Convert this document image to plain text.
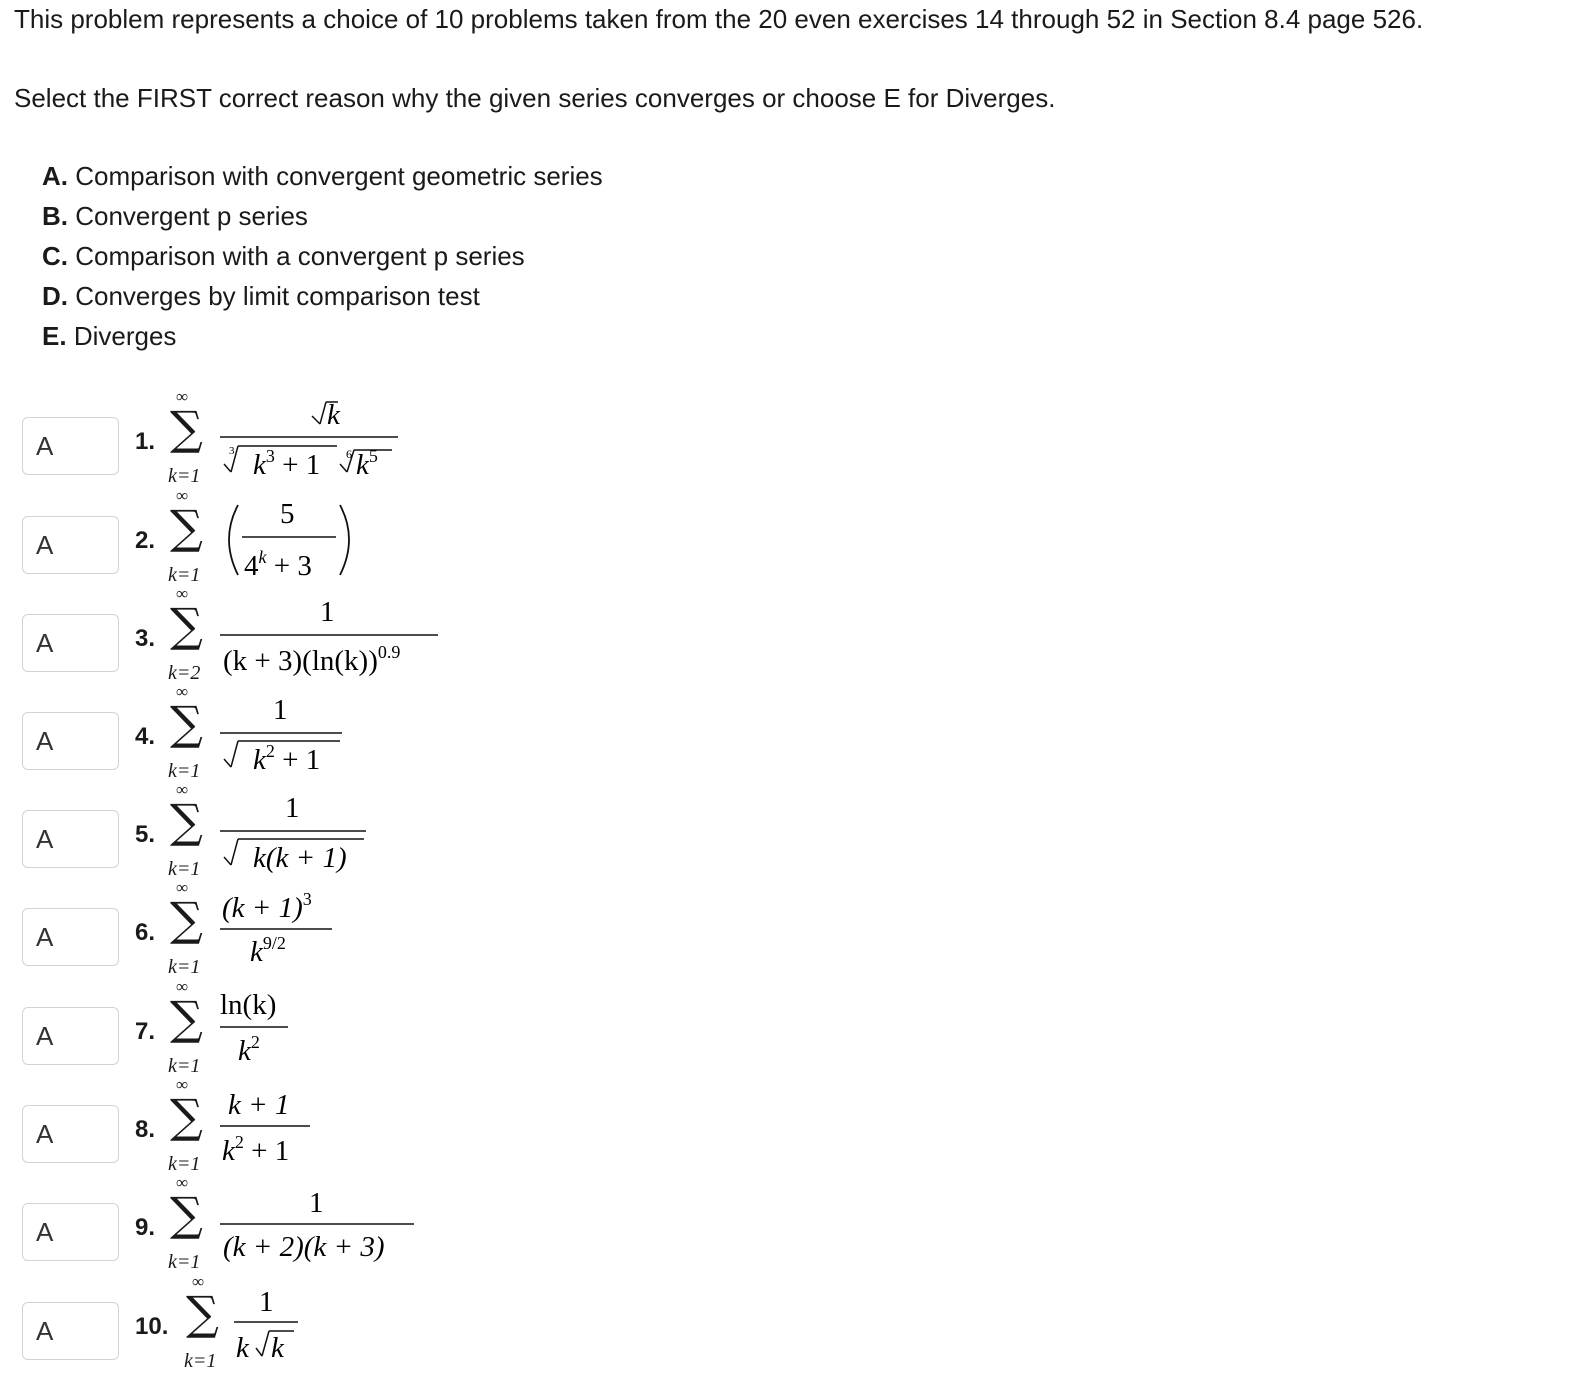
This problem represents a choice of 10 problems taken from the 20 even exercises 14 through 52 in Section 8.4 page 526.
Select the FIRST correct reason why the given series converges or choose E for Diverges.
A. Comparison with convergent geometric series
B. Convergent p series
C. Comparison with a convergent p series
D. Converges by limit comparison test
E. Diverges
A	1.
∞
∑
k=1
k
3 $k^3 + 1$ 6 $k^5$
A	2.
∞
∑
k=1
5
$4^k + 3$
A	3.
∞
∑
k=2
1
$(k + 3)(\ln(k))^{0.9}$
A	4.
∞
∑
k=1
1
$k^2 + 1$
A	5.
∞
∑
k=1
1
k(k + 1)
A	6.
∞
∑
k=1
$(k + 1)^3$
$k^{9/2}$
A	7.
∞
∑
k=1
ln(k)
$k^2$
A	8.
∞
∑
k=1
k + 1
$k^2 + 1$
A	9.
∞
∑
k=1
1
(k + 2)(k + 3)
A	10.
∞
∑
k=1
1
k k
